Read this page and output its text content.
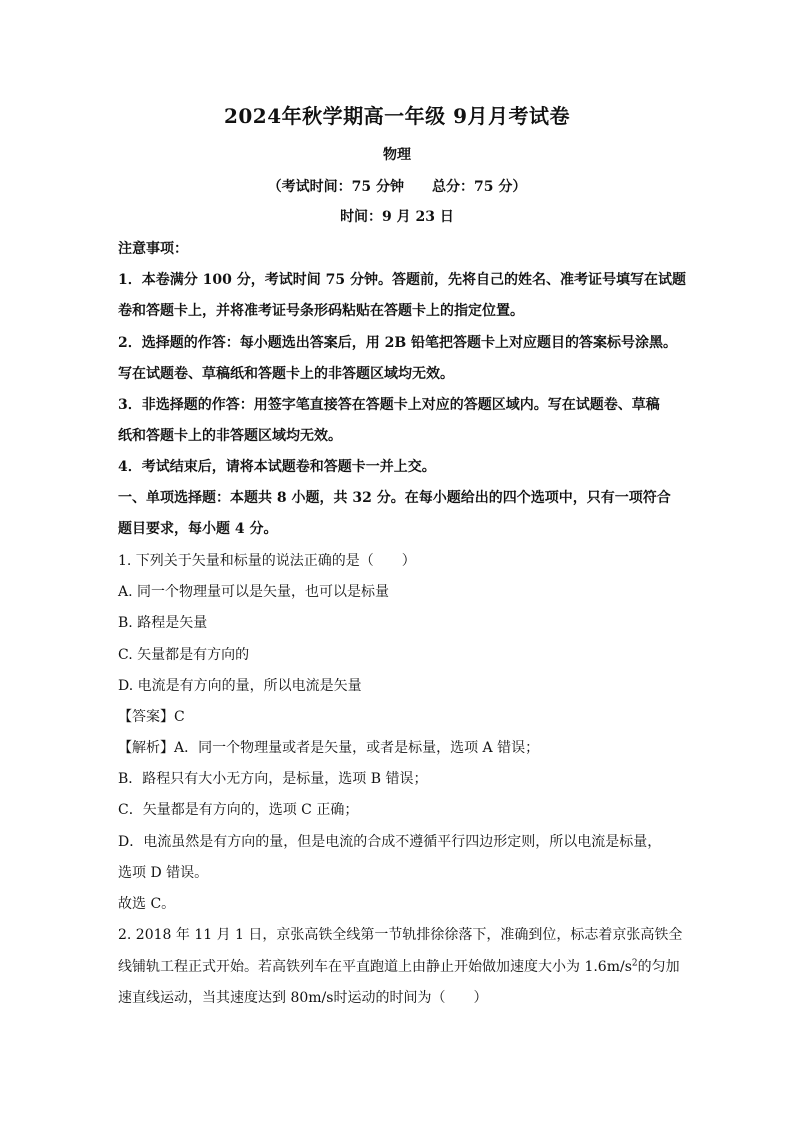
2024年秋学期高一年级 9月月考试卷
物理
（考试时间：75 分钟　　总分：75 分）
时间：9 月 23 日
注意事项：
1．本卷满分 100 分，考试时间 75 分钟。答题前，先将自己的姓名、准考证号填写在试题
卷和答题卡上，并将准考证号条形码粘贴在答题卡上的指定位置。
2．选择题的作答：每小题选出答案后，用 2B 铅笔把答题卡上对应题目的答案标号涂黑。
写在试题卷、草稿纸和答题卡上的非答题区域均无效。
3．非选择题的作答：用签字笔直接答在答题卡上对应的答题区域内。写在试题卷、草稿
纸和答题卡上的非答题区域均无效。
4．考试结束后，请将本试题卷和答题卡一并上交。
一、单项选择题：本题共 8 小题，共 32 分。在每小题给出的四个选项中，只有一项符合
题目要求，每小题 4 分。
1. 下列关于矢量和标量的说法正确的是（　　）
A. 同一个物理量可以是矢量，也可以是标量
B. 路程是矢量
C. 矢量都是有方向的
D. 电流是有方向的量，所以电流是矢量
【答案】C
【解析】A．同一个物理量或者是矢量，或者是标量，选项 A 错误；
B．路程只有大小无方向，是标量，选项 B 错误；
C．矢量都是有方向的，选项 C 正确；
D．电流虽然是有方向的量，但是电流的合成不遵循平行四边形定则，所以电流是标量，
选项 D 错误。
故选 C。
2. 2018 年 11 月 1 日，京张高铁全线第一节轨排徐徐落下，准确到位，标志着京张高铁全
线铺轨工程正式开始。若高铁列车在平直跑道上由静止开始做加速度大小为 $1.6m/s^2$的匀加
速直线运动，当其速度达到 80m/s时运动的时间为（　　）
